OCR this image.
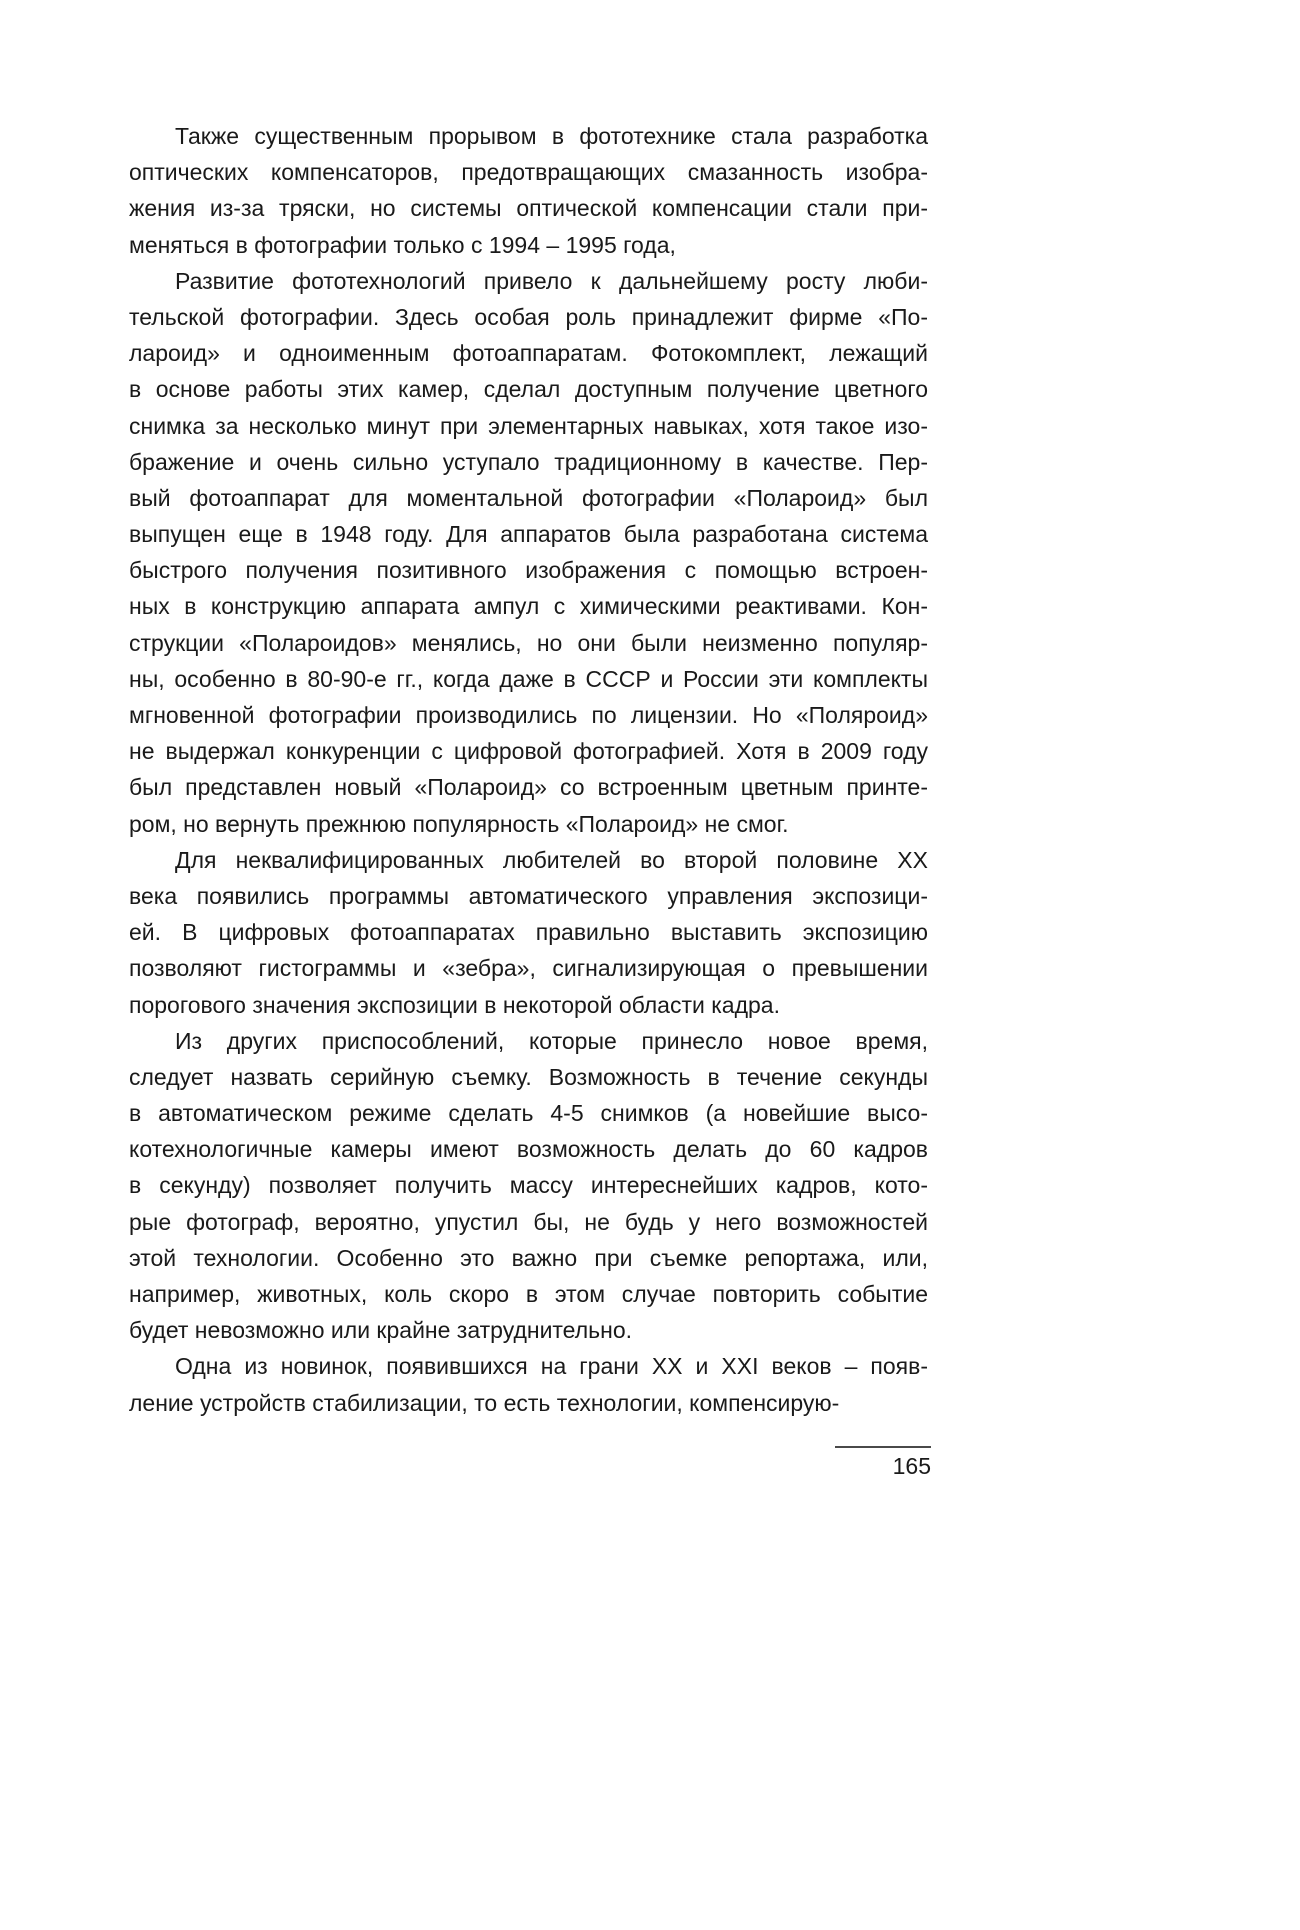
Также существенным прорывом в фототехнике стала разработка
оптических компенсаторов, предотвращающих смазанность изобра-
жения из-за тряски, но системы оптической компенсации стали при-
меняться в фотографии только с 1994 – 1995 года,
Развитие фототехнологий привело к дальнейшему росту люби-
тельской фотографии. Здесь особая роль принадлежит фирме «По-
лароид» и одноименным фотоаппаратам. Фотокомплект, лежащий
в основе работы этих камер, сделал доступным получение цветного
снимка за несколько минут при элементарных навыках, хотя такое изо-
бражение и очень сильно уступало традиционному в качестве. Пер-
вый фотоаппарат для моментальной фотографии «Полароид» был
выпущен еще в 1948 году. Для аппаратов была разработана система
быстрого получения позитивного изображения с помощью встроен-
ных в конструкцию аппарата ампул с химическими реактивами. Кон-
струкции «Полароидов» менялись, но они были неизменно популяр-
ны, особенно в 80-90-е гг., когда даже в СССР и России эти комплекты
мгновенной фотографии производились по лицензии. Но «Поляроид»
не выдержал конкуренции с цифровой фотографией. Хотя в 2009 году
был представлен новый «Полароид» со встроенным цветным принте-
ром, но вернуть прежнюю популярность «Полароид» не смог.
Для неквалифицированных любителей во второй половине XX
века появились программы автоматического управления экспозици-
ей. В цифровых фотоаппаратах правильно выставить экспозицию
позволяют гистограммы и «зебра», сигнализирующая о превышении
порогового значения экспозиции в некоторой области кадра.
Из других приспособлений, которые принесло новое время,
следует назвать серийную съемку. Возможность в течение секунды
в автоматическом режиме сделать 4-5 снимков (а новейшие высо-
котехнологичные камеры имеют возможность делать до 60 кадров
в секунду) позволяет получить массу интереснейших кадров, кото-
рые фотограф, вероятно, упустил бы, не будь у него возможностей
этой технологии. Особенно это важно при съемке репортажа, или,
например, животных, коль скоро в этом случае повторить событие
будет невозможно или крайне затруднительно.
Одна из новинок, появившихся на грани XX и XXI веков – появ-
ление устройств стабилизации, то есть технологии, компенсирую-
165
